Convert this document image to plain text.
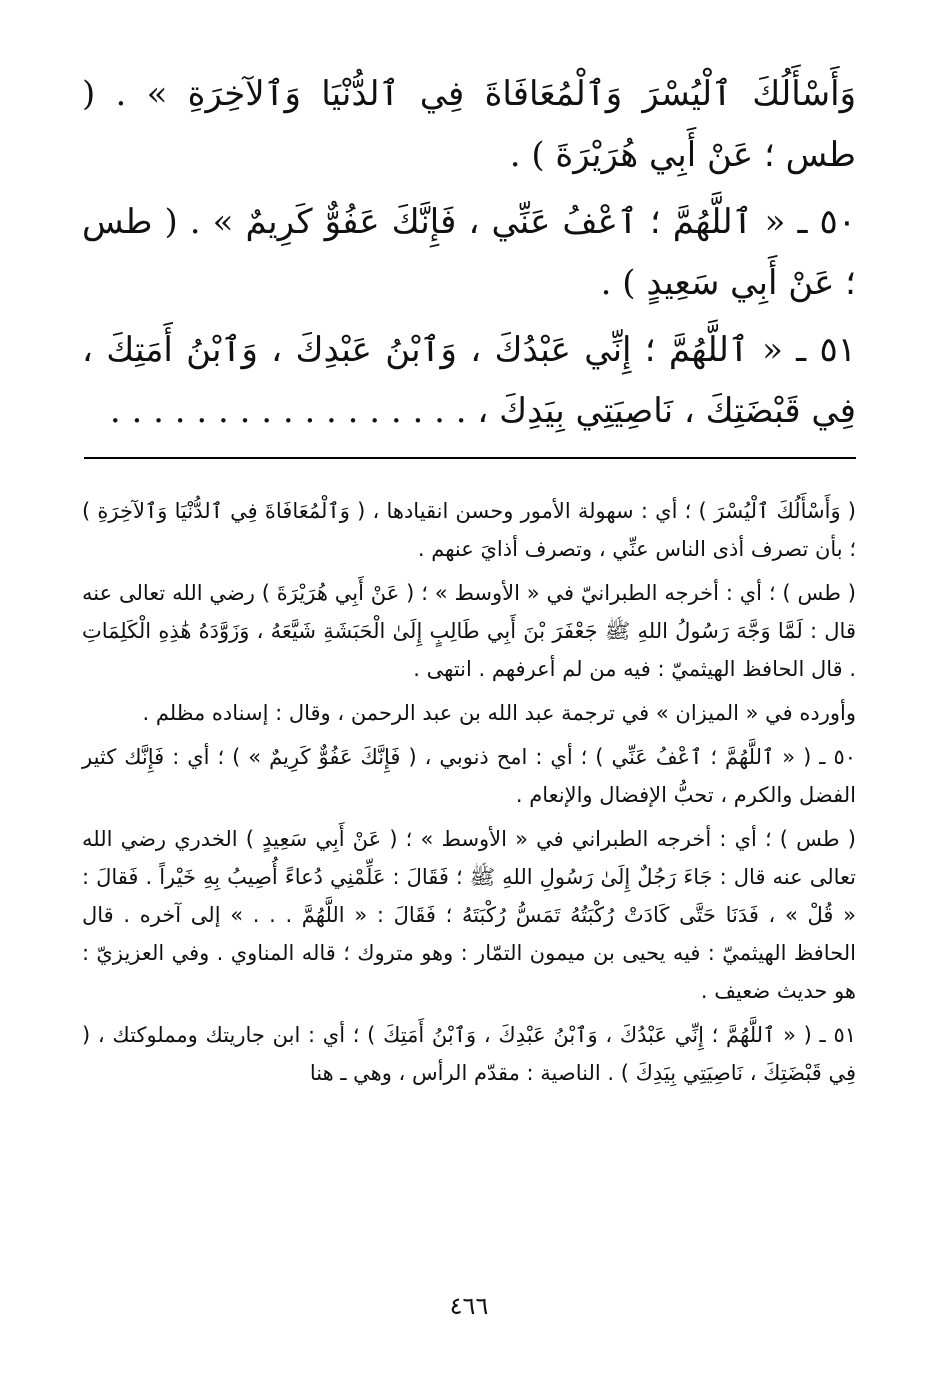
وَأَسْأَلُكَ ٱلْيُسْرَ وَٱلْمُعَافَاةَ فِي ٱلدُّنْيَا وَٱلآخِرَةِ » . ( طس ؛ عَنْ أَبِي هُرَيْرَةَ ) .

٥٠ ـ « ٱللَّهُمَّ ؛ ٱعْفُ عَنِّي ، فَإِنَّكَ عَفُوٌّ كَرِيمٌ » . ( طس ؛ عَنْ أَبِي سَعِيدٍ ) .

٥١ ـ « ٱللَّهُمَّ ؛ إِنِّي عَبْدُكَ ، وَٱبْنُ عَبْدِكَ ، وَٱبْنُ أَمَتِكَ ، فِي قَبْضَتِكَ ، نَاصِيَتِي بِيَدِكَ ، . . . . . . . . . . . . . . . . .

( وَأَسْأَلُكَ ٱلْيُسْرَ ) ؛ أي : سهولة الأمور وحسن انقيادها ، ( وَٱلْمُعَافَاةَ فِي ٱلدُّنْيَا وَٱلآخِرَةِ ) ؛ بأن تصرف أذى الناس عنِّي ، وتصرف أذايَ عنهم .

( طس ) ؛ أي : أخرجه الطبرانيّ في « الأوسط » ؛ ( عَنْ أَبِي هُرَيْرَةَ ) رضي الله تعالى عنه قال : لَمَّا وَجَّهَ رَسُولُ اللهِ ﷺ جَعْفَرَ بْنَ أَبِي طَالِبٍ إِلَىٰ الْحَبَشَةِ شَيَّعَهُ ، وَزَوَّدَهُ هَٰذِهِ الْكَلِمَاتِ . قال الحافظ الهيثميّ : فيه من لم أعرفهم . انتهى .

وأورده في « الميزان » في ترجمة عبد الله بن عبد الرحمن ، وقال : إسناده مظلم .

٥٠ ـ ( « ٱللَّهُمَّ ؛ ٱعْفُ عَنِّي ) ؛ أي : امح ذنوبي ، ( فَإِنَّكَ عَفُوٌّ كَرِيمٌ » ) ؛ أي : فَإِنَّك كثير الفضل والكرم ، تحبُّ الإفضال والإنعام .

( طس ) ؛ أي : أخرجه الطبراني في « الأوسط » ؛ ( عَنْ أَبِي سَعِيدٍ ) الخدري رضي الله تعالى عنه قال : جَاءَ رَجُلٌ إِلَىٰ رَسُولِ اللهِ ﷺ ؛ فَقَالَ : عَلِّمْنِي دُعاءً أُصِيبُ بِهِ خَيْراً . فَقالَ : « قُلْ » ، فَدَنَا حَتَّى كَادَتْ رُكْبَتُهُ تَمَسُّ رُكْبَتَهُ ؛ فَقَالَ : « اللَّهُمَّ . . . » إلى آخره . قال الحافظ الهيثميّ : فيه يحيى بن ميمون التمّار : وهو متروك ؛ قاله المناوي . وفي العزيزيّ : هو حديث ضعيف .

٥١ ـ ( « ٱللَّهُمَّ ؛ إِنِّي عَبْدُكَ ، وَٱبْنُ عَبْدِكَ ، وَٱبْنُ أَمَتِكَ ) ؛ أي : ابن جاريتك ومملوكتك ، ( فِي قَبْضَتِكَ ، نَاصِيَتِي بِيَدِكَ ) . الناصية : مقدّم الرأس ، وهي ـ هنا

٤٦٦
